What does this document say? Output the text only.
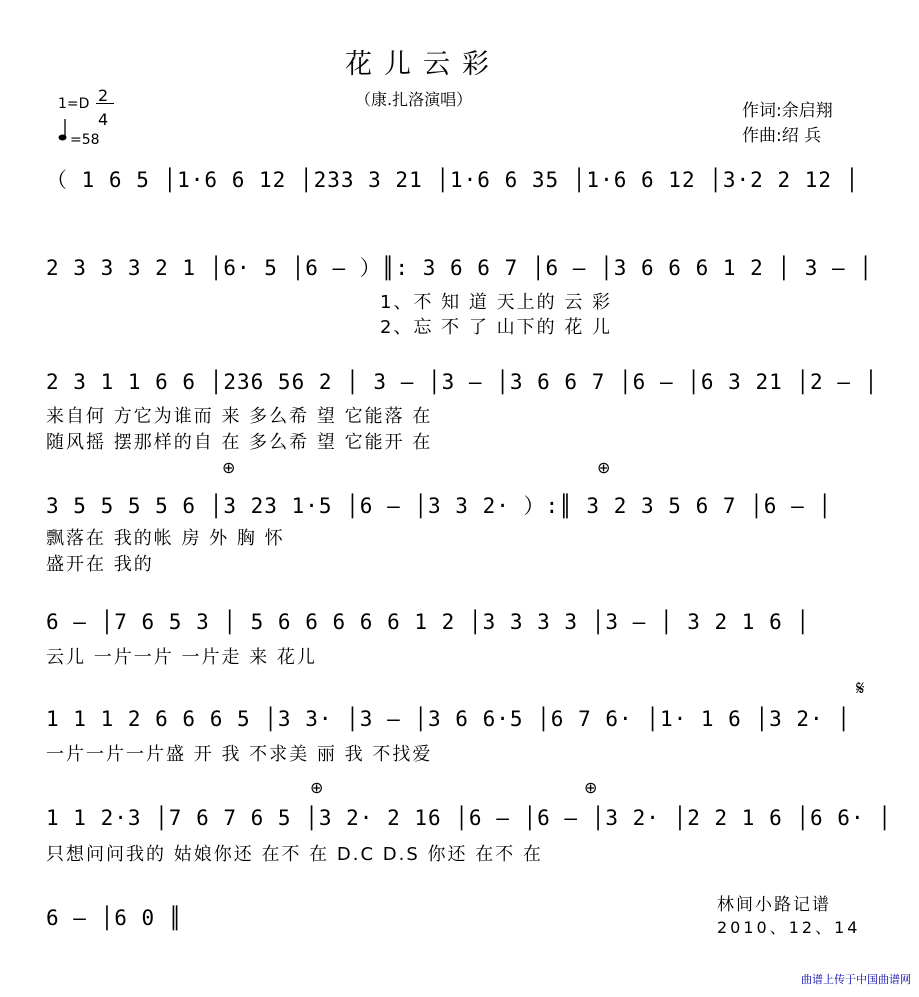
花儿云彩
（康.扎洛演唱）
1=D 2
4
=58
作词:余启翔
作曲:绍 兵
（ 1 6 5 │1·6 6 12 │233 3 21 │1·6 6 35 │1·6 6 12 │3·2 2 12 │
2 3 3 3 2 1 │6· 5 │6 — ）║: 3 6 6 7 │6 — │3 6 6 6 1 2 │ 3 — │
1、不 知 道 天上的 云 彩
2、忘 不 了 山下的 花 儿
2 3 1 1 6 6 │236 56 2 │ 3 — │3 — │3 6 6 7 │6 — │6 3 21 │2 — │
来自何 方它为谁而 来 多么希 望 它能落 在
随风摇 摆那样的自 在 多么希 望 它能开 在
⊕	⊕
3 5 5 5 5 6 │3 23 1·5 │6 — │3 3 2· ）:║ 3 2 3 5 6 7 │6 — │
飘落在 我的帐 房 外 胸 怀
盛开在 我的
6 — │7 6 5 3 │ 5 6 6 6 6 6 1 2 │3 3 3 3 │3 — │ 3 2 1 6 │
云儿 一片一片 一片走 来 花儿
𝄋
1 1 1 2 6 6 6 5 │3 3· │3 — │3 6 6·5 │6 7 6· │1· 1 6 │3 2· │
一片一片一片盛 开 我 不求美 丽 我 不找爱
⊕	⊕
1 1 2·3 │7 6 7 6 5 │3 2· 2 16 │6 — │6 — │3 2· │2 2 1 6 │6 6· │
只想问问我的 姑娘你还 在不 在 D.C D.S 你还 在不 在
6 — │6 0 ║
林间小路记谱
2010、12、14
曲谱上传于中国曲谱网
